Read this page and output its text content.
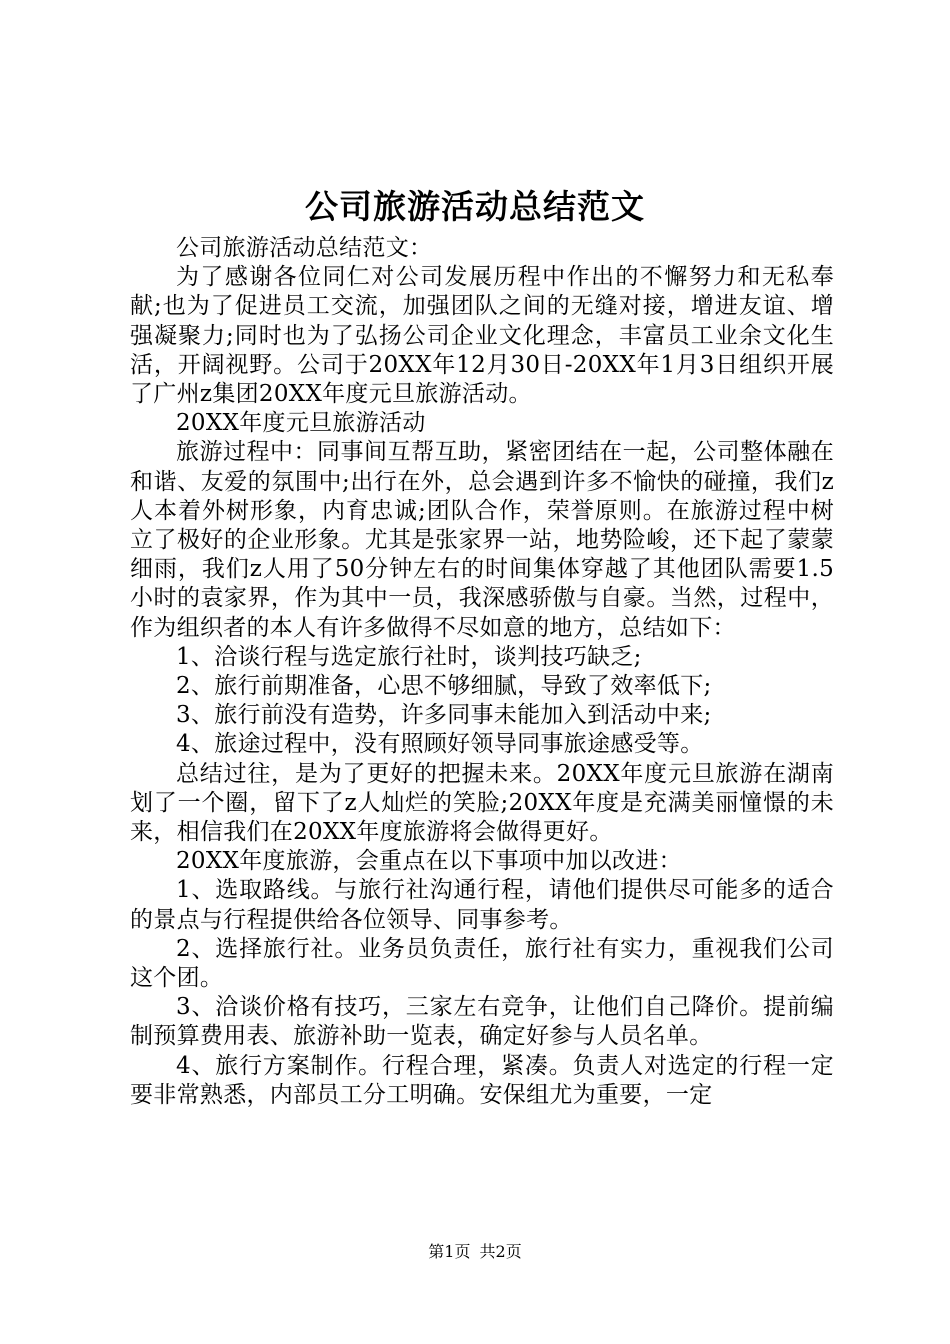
公司旅游活动总结范文

公司旅游活动总结范文：

为了感谢各位同仁对公司发展历程中作出的不懈努力和无私奉献;也为了促进员工交流，加强团队之间的无缝对接，增进友谊、增强凝聚力;同时也为了弘扬公司企业文化理念，丰富员工业余文化生活，开阔视野。公司于20XX年12月30日-20XX年1月3日组织开展了广州z集团20XX年度元旦旅游活动。

20XX年度元旦旅游活动

旅游过程中：同事间互帮互助，紧密团结在一起，公司整体融在和谐、友爱的氛围中;出行在外，总会遇到许多不愉快的碰撞，我们z人本着外树形象，内育忠诚;团队合作，荣誉原则。在旅游过程中树立了极好的企业形象。尤其是张家界一站，地势险峻，还下起了蒙蒙细雨，我们z人用了50分钟左右的时间集体穿越了其他团队需要1.5小时的袁家界，作为其中一员，我深感骄傲与自豪。当然，过程中，作为组织者的本人有许多做得不尽如意的地方，总结如下：

1、洽谈行程与选定旅行社时，谈判技巧缺乏;

2、旅行前期准备，心思不够细腻，导致了效率低下;

3、旅行前没有造势，许多同事未能加入到活动中来;

4、旅途过程中，没有照顾好领导同事旅途感受等。

总结过往，是为了更好的把握未来。20XX年度元旦旅游在湖南划了一个圈，留下了z人灿烂的笑脸;20XX年度是充满美丽憧憬的未来，相信我们在20XX年度旅游将会做得更好。

20XX年度旅游，会重点在以下事项中加以改进：

1、选取路线。与旅行社沟通行程，请他们提供尽可能多的适合的景点与行程提供给各位领导、同事参考。

2、选择旅行社。业务员负责任，旅行社有实力，重视我们公司这个团。

3、洽谈价格有技巧，三家左右竞争，让他们自己降价。提前编制预算费用表、旅游补助一览表，确定好参与人员名单。

4、旅行方案制作。行程合理，紧凑。负责人对选定的行程一定要非常熟悉，内部员工分工明确。安保组尤为重要，一定

第1页 共2页
